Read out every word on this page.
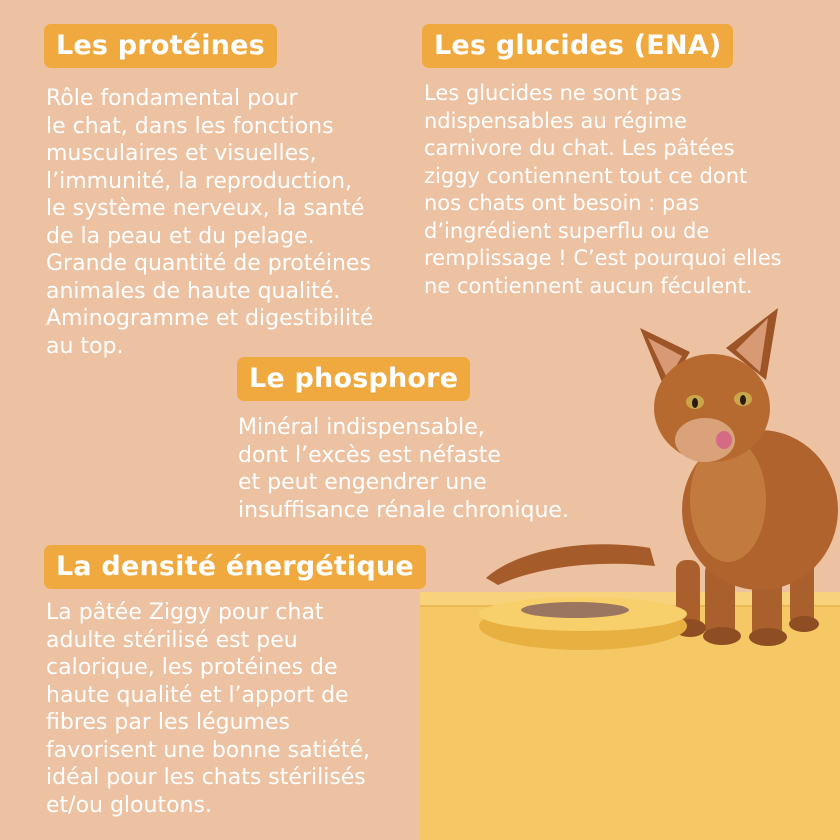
Les protéines
Rôle fondamental pour
le chat, dans les fonctions
musculaires et visuelles,
l’immunité, la reproduction,
le système nerveux, la santé
de la peau et du pelage.
Grande quantité de protéines
animales de haute qualité.
Aminogramme et digestibilité
au top.
Les glucides (ENA)
Les glucides ne sont pas
ndispensables au régime
carnivore du chat. Les pâtées
ziggy contiennent tout ce dont
nos chats ont besoin : pas
d’ingrédient superflu ou de
remplissage ! C’est pourquoi elles
ne contiennent aucun féculent.
Le phosphore
Minéral indispensable,
dont l’excès est néfaste
et peut engendrer une
insuffisance rénale chronique.
La densité énergétique
La pâtée Ziggy pour chat
adulte stérilisé est peu
calorique, les protéines de
haute qualité et l’apport de
fibres par les légumes
favorisent une bonne satiété,
idéal pour les chats stérilisés
et/ou gloutons.
